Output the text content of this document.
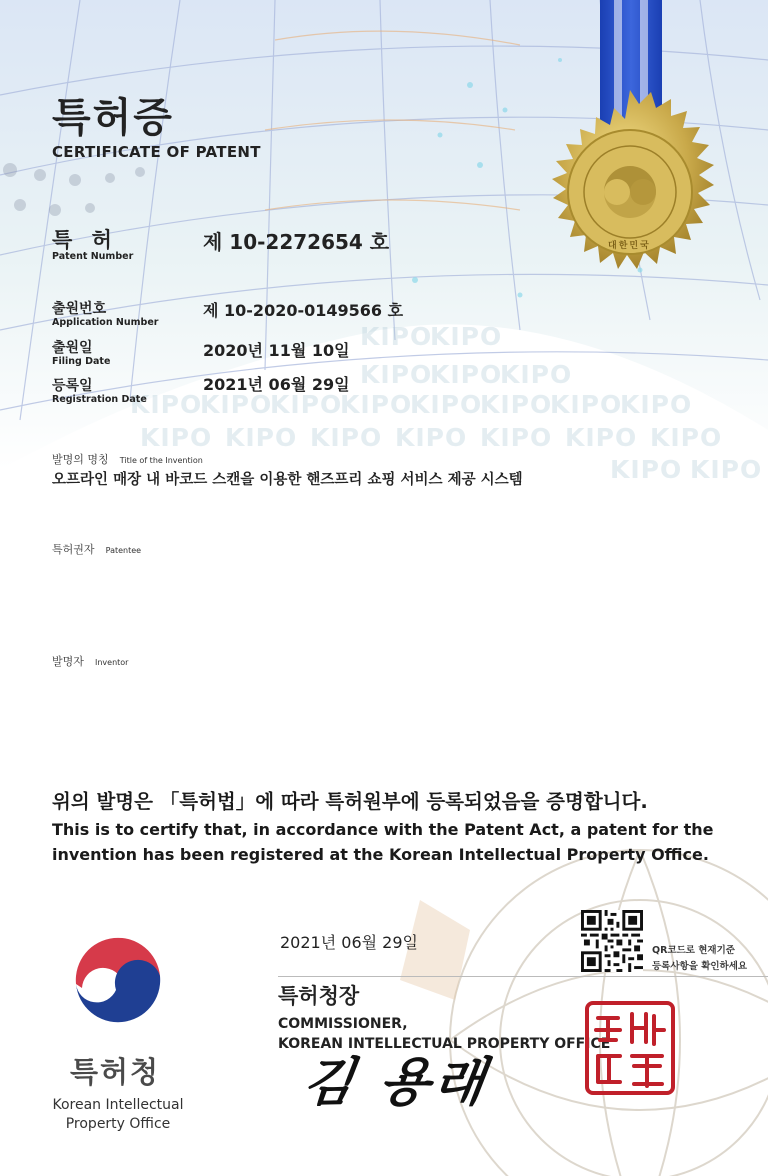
KIPO
KIPO
KIPO
KIPO
KIPO
KIPO
KIPO
KIPO
KIPO
KIPO
KIPO
KIPO
KIPO
KIPO KIPO KIPO KIPO KIPO KIPO KIPO
KIPO KIPO
대한민국
특허증
CERTIFICATE OF PATENT
특 허
Patent Number
제 10-2272654 호
출원번호
Application Number
제 10-2020-0149566 호
출원일
Filing Date
2020년 11월 10일
등록일
Registration Date
2021년 06월 29일
발명의 명칭 Title of the Invention
오프라인 매장 내 바코드 스캔을 이용한 핸즈프리 쇼핑 서비스 제공 시스템
특허권자 Patentee
발명자 Inventor
위의 발명은 「특허법」에 따라 특허원부에 등록되었음을 증명합니다.
This is to certify that, in accordance with the Patent Act, a patent for the
invention has been registered at the Korean Intellectual Property Office.
2021년 06월 29일
특허청장
COMMISSIONER,
KOREAN INTELLECTUAL PROPERTY OFFICE
김 용래
QR코드로 현재기준
등록사항을 확인하세요
특허청
Korean Intellectual
Property Office
